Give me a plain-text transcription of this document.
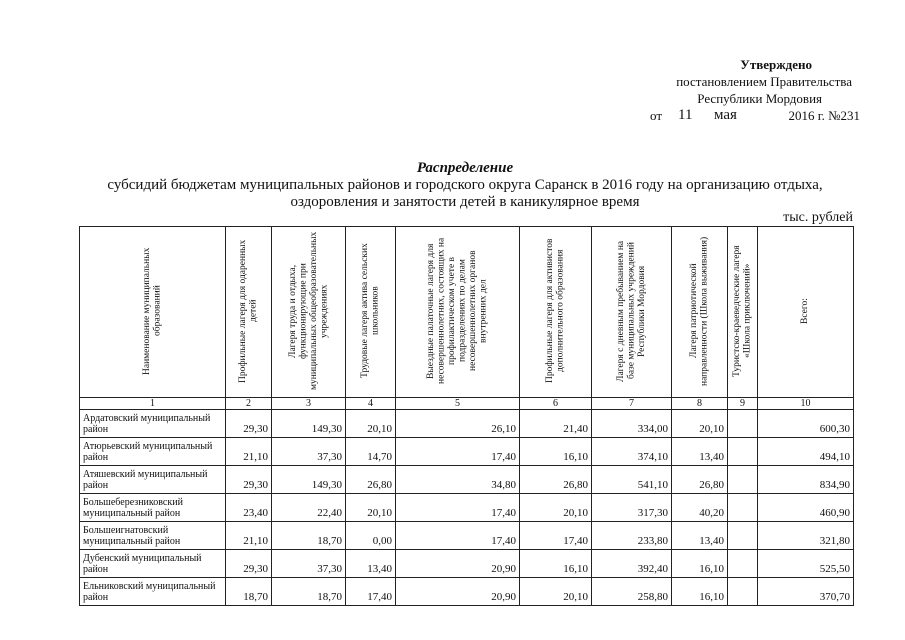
Утверждено
постановлением Правительства
Республики Мордовия
от 11 мая	2016 г. №231
Распределение
субсидий бюджетам муниципальных районов и городского округа Саранск в 2016 году на организацию отдыха,
оздоровления и занятости детей в каникулярное время
тыс. рублей
Наименование муниципальных образований	Профильные лагеря для одаренных детей	Лагеря труда и отдыха, функционирующие при муниципальных общеобразовательных учреждениях	Трудовые лагеря актива сельских школьников	Выездные палаточные лагеря для несовершеннолетних, состоящих на профилактическом учете в подразделениях по делам несовершеннолетних органов внутренних дел	Профильные лагеря для активистов дополнительного образования	Лагеря с дневным пребыванием на базе муниципальных учреждений Республики Мордовия	Лагеря патриотической направленности (Школа выживания)	Туристско-краеведческие лагеря «Школа приключений»	Всего:

1	2	3	4	5	6	7	8	9	10
Ардатовский муниципальный район	29,30	149,30	20,10	26,10	21,40	334,00	20,10		600,30
Атюрьевский муниципальный район	21,10	37,30	14,70	17,40	16,10	374,10	13,40		494,10
Атяшевский муниципальный район	29,30	149,30	26,80	34,80	26,80	541,10	26,80		834,90
Большеберезниковский муниципальный район	23,40	22,40	20,10	17,40	20,10	317,30	40,20		460,90
Большеигнатовский муниципальный район	21,10	18,70	0,00	17,40	17,40	233,80	13,40		321,80
Дубенский муниципальный район	29,30	37,30	13,40	20,90	16,10	392,40	16,10		525,50
Ельниковский муниципальный район	18,70	18,70	17,40	20,90	20,10	258,80	16,10		370,70
